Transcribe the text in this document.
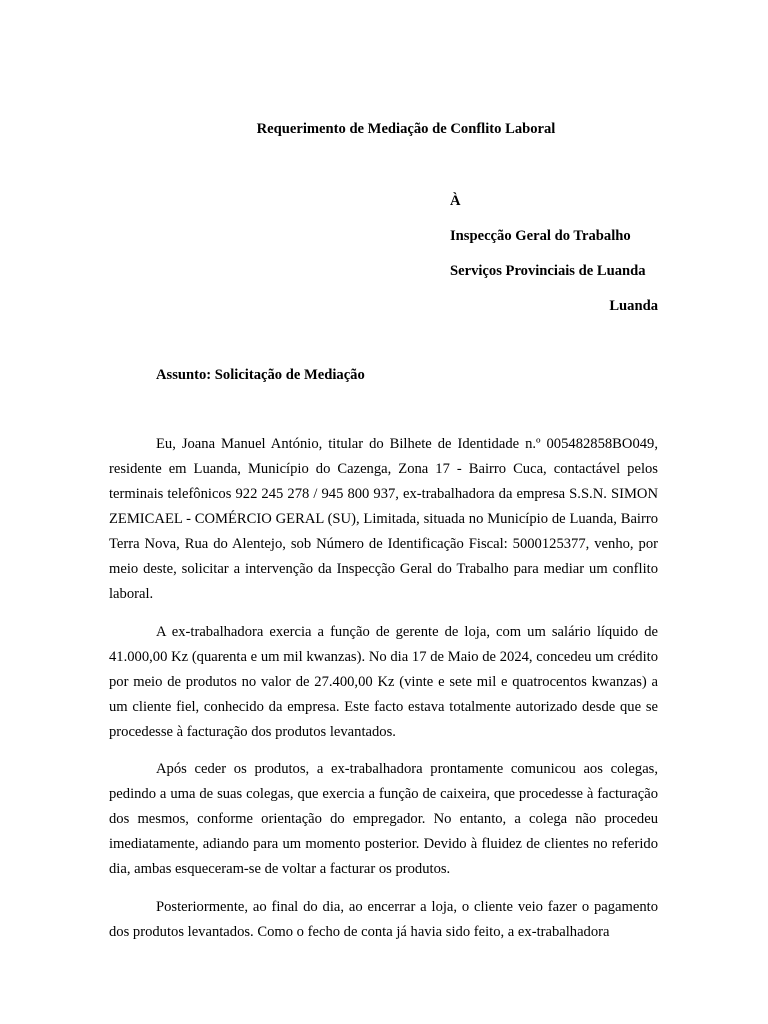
Requerimento de Mediação de Conflito Laboral
À
Inspecção Geral do Trabalho
Serviços Provinciais de Luanda
Luanda
Assunto: Solicitação de Mediação

Eu, Joana Manuel António, titular do Bilhete de Identidade n.º 005482858BO049, residente em Luanda, Município do Cazenga, Zona 17 - Bairro Cuca, contactável pelos terminais telefônicos 922 245 278 / 945 800 937, ex-trabalhadora da empresa S.S.N. SIMON ZEMICAEL - COMÉRCIO GERAL (SU), Limitada, situada no Município de Luanda, Bairro Terra Nova, Rua do Alentejo, sob Número de Identificação Fiscal: 5000125377, venho, por meio deste, solicitar a intervenção da Inspecção Geral do Trabalho para mediar um conflito laboral.

A ex-trabalhadora exercia a função de gerente de loja, com um salário líquido de 41.000,00 Kz (quarenta e um mil kwanzas). No dia 17 de Maio de 2024, concedeu um crédito por meio de produtos no valor de 27.400,00 Kz (vinte e sete mil e quatrocentos kwanzas) a um cliente fiel, conhecido da empresa. Este facto estava totalmente autorizado desde que se procedesse à facturação dos produtos levantados.

Após ceder os produtos, a ex-trabalhadora prontamente comunicou aos colegas, pedindo a uma de suas colegas, que exercia a função de caixeira, que procedesse à facturação dos mesmos, conforme orientação do empregador. No entanto, a colega não procedeu imediatamente, adiando para um momento posterior. Devido à fluidez de clientes no referido dia, ambas esqueceram-se de voltar a facturar os produtos.

Posteriormente, ao final do dia, ao encerrar a loja, o cliente veio fazer o pagamento dos produtos levantados. Como o fecho de conta já havia sido feito, a ex-trabalhadora
